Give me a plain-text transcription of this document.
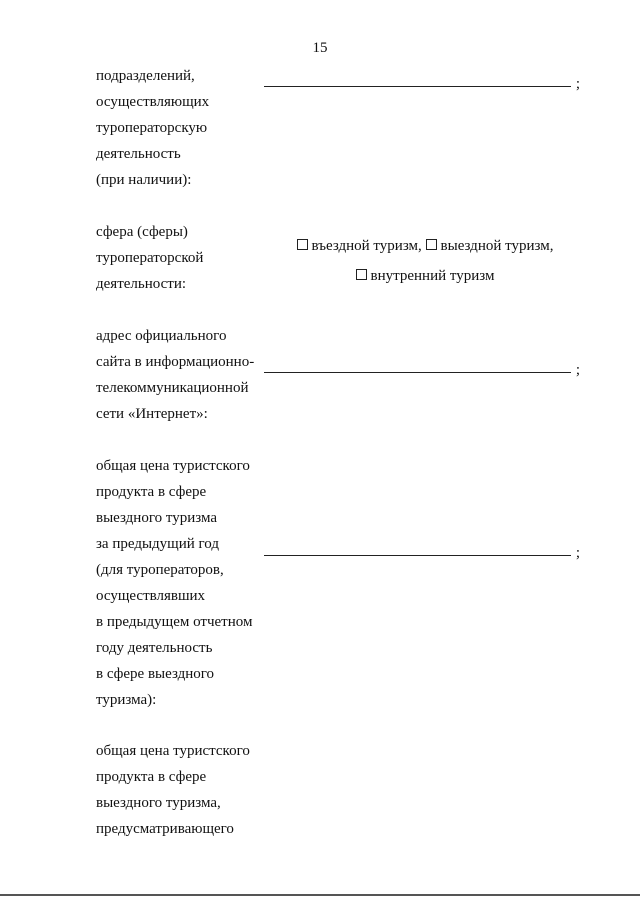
15
подразделений,
осуществляющих
туроператорскую
деятельность
(при наличии):
;
сфера (сферы)
туроператорской
деятельности:
въездной туризм, выездной туризм,
внутренний туризм
адрес официального
сайта в информационно-
телекоммуникационной
сети «Интернет»:
;
общая цена туристского
продукта в сфере
выездного туризма
за предыдущий год
(для туроператоров,
осуществлявших
в предыдущем отчетном
году деятельность
в сфере выездного
туризма):
;
общая цена туристского
продукта в сфере
выездного туризма,
предусматривающего
